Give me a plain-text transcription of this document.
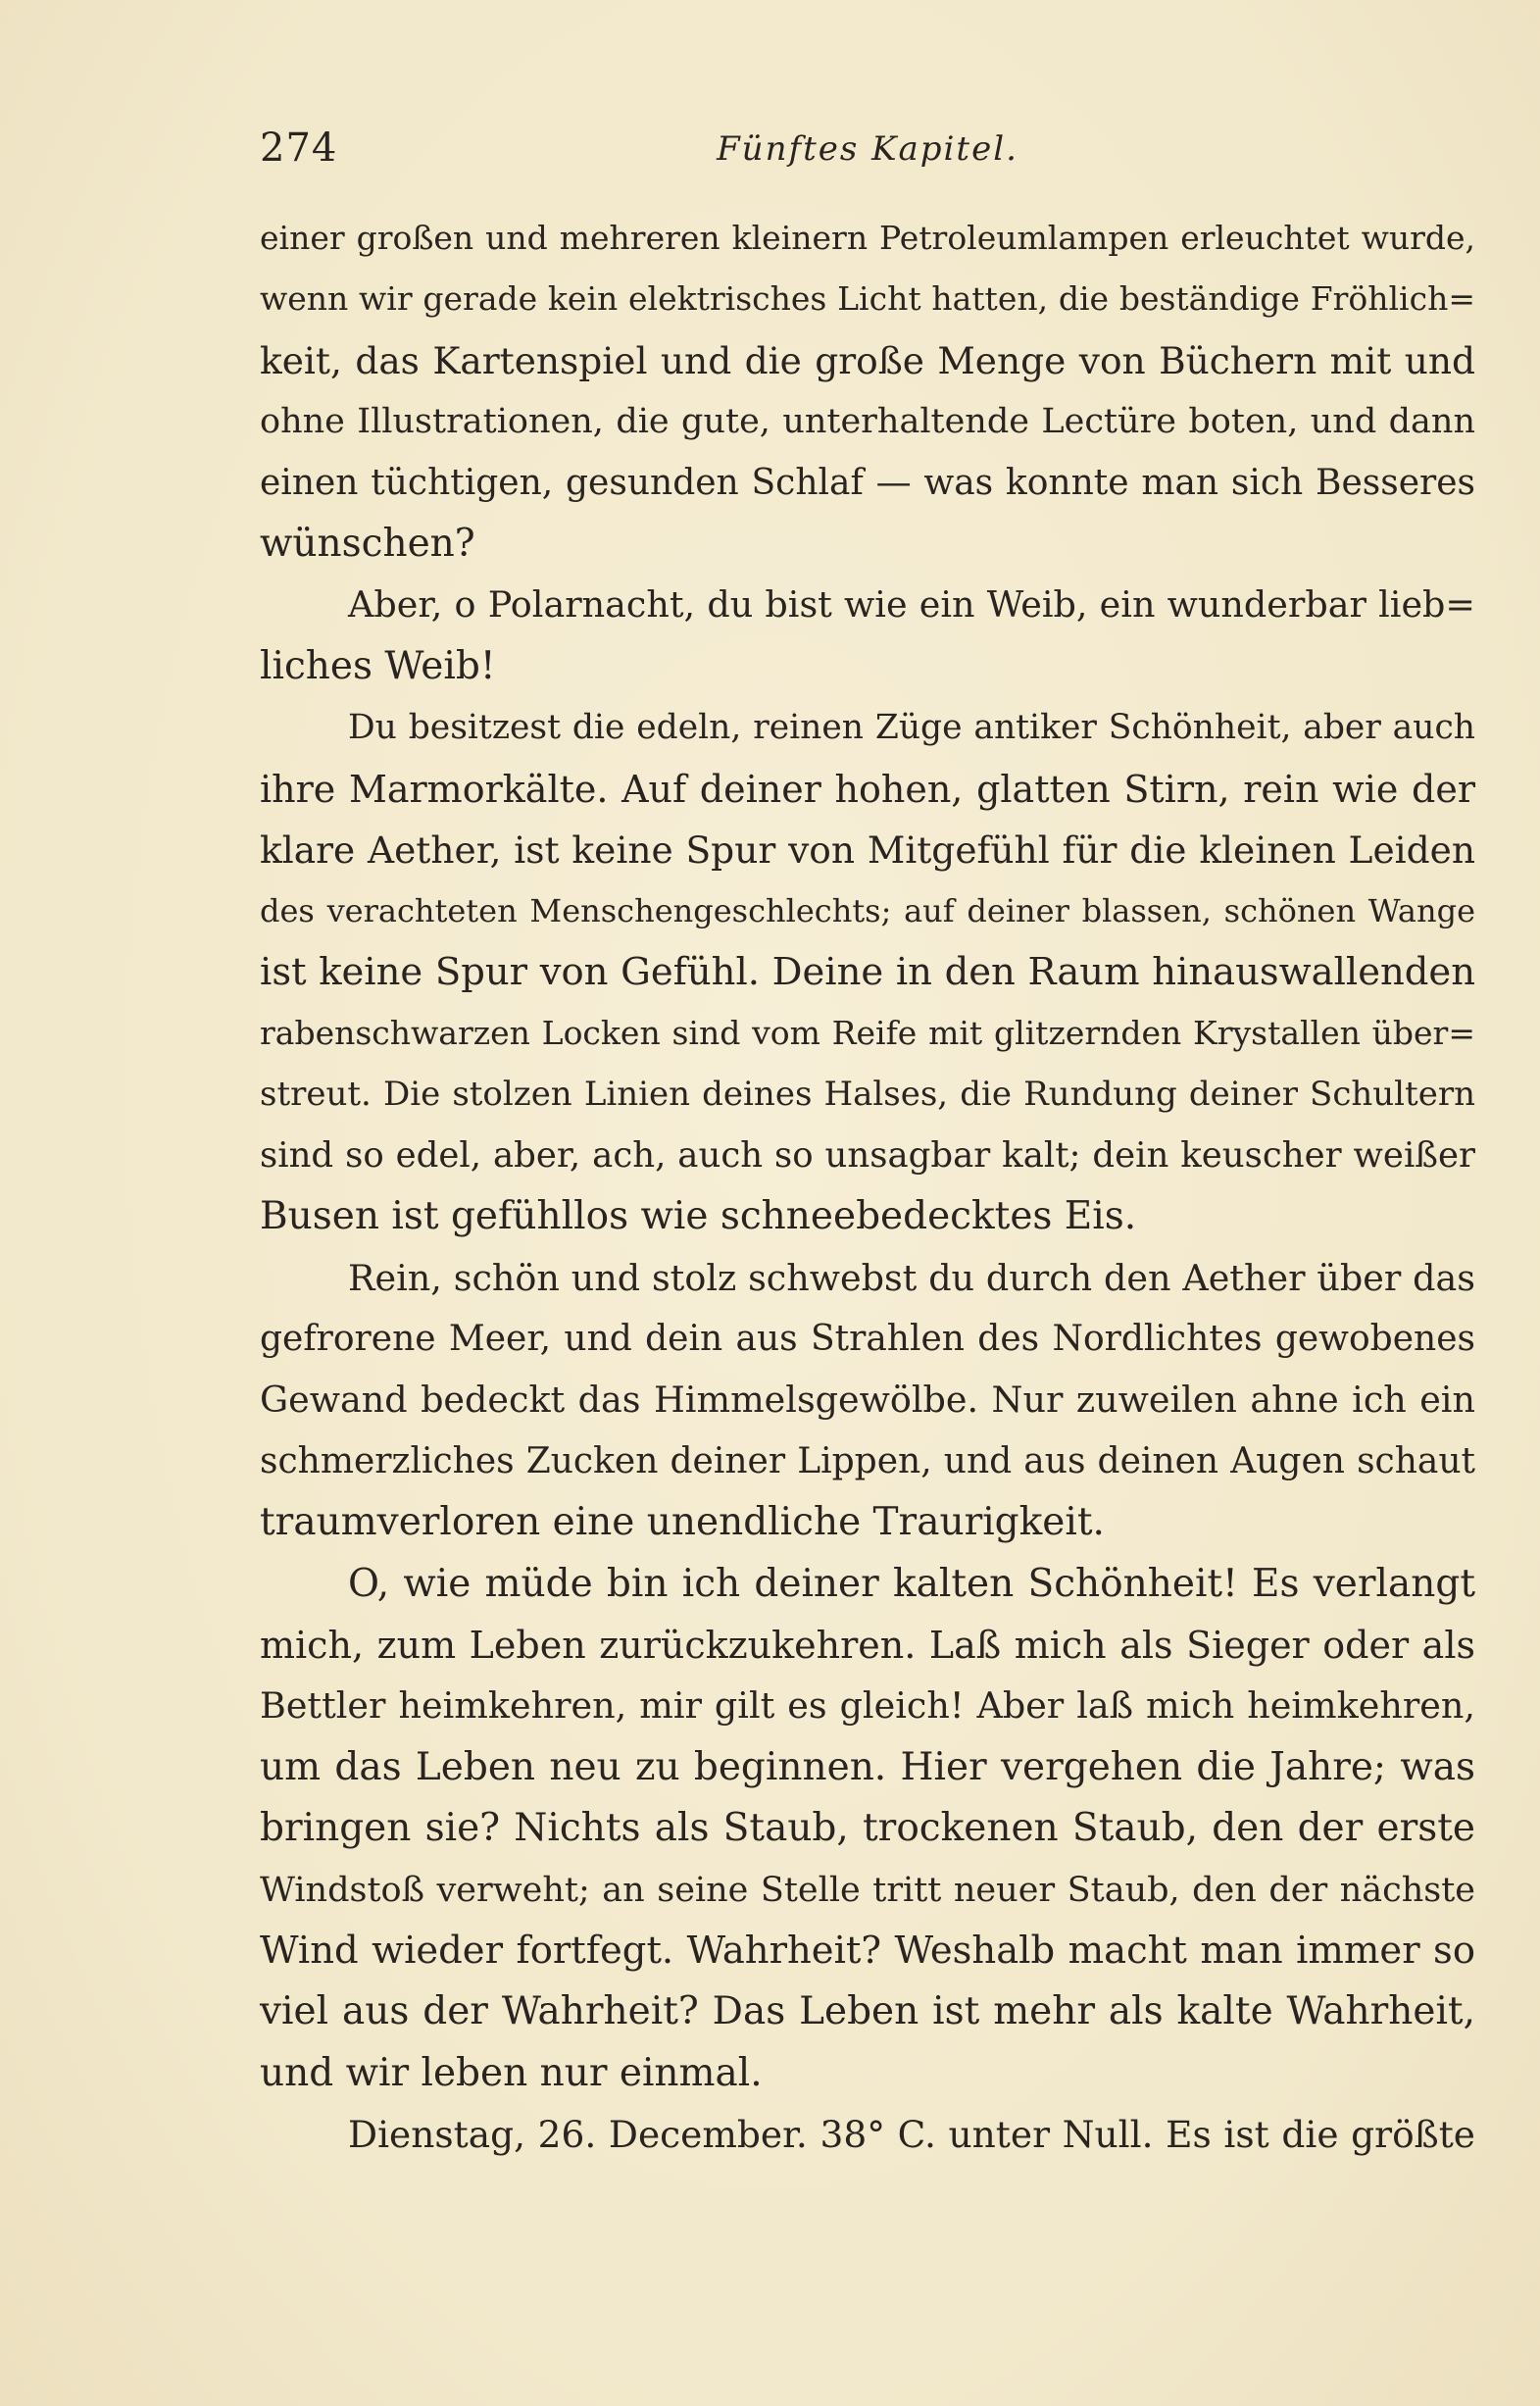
274	Fünftes Kapitel.
einer großen und mehreren kleinern Petroleumlampen erleuchtet wurde,
wenn wir gerade kein elektrisches Licht hatten, die beständige Fröhlich=
keit, das Kartenspiel und die große Menge von Büchern mit und
ohne Illustrationen, die gute, unterhaltende Lectüre boten, und dann
einen tüchtigen, gesunden Schlaf — was konnte man sich Besseres
wünschen?
Aber, o Polarnacht, du bist wie ein Weib, ein wunderbar lieb=
liches Weib!
Du besitzest die edeln, reinen Züge antiker Schönheit, aber auch
ihre Marmorkälte. Auf deiner hohen, glatten Stirn, rein wie der
klare Aether, ist keine Spur von Mitgefühl für die kleinen Leiden
des verachteten Menschengeschlechts; auf deiner blassen, schönen Wange
ist keine Spur von Gefühl. Deine in den Raum hinauswallenden
rabenschwarzen Locken sind vom Reife mit glitzernden Krystallen über=
streut. Die stolzen Linien deines Halses, die Rundung deiner Schultern
sind so edel, aber, ach, auch so unsagbar kalt; dein keuscher weißer
Busen ist gefühllos wie schneebedecktes Eis.
Rein, schön und stolz schwebst du durch den Aether über das
gefrorene Meer, und dein aus Strahlen des Nordlichtes gewobenes
Gewand bedeckt das Himmelsgewölbe. Nur zuweilen ahne ich ein
schmerzliches Zucken deiner Lippen, und aus deinen Augen schaut
traumverloren eine unendliche Traurigkeit.
O, wie müde bin ich deiner kalten Schönheit! Es verlangt
mich, zum Leben zurückzukehren. Laß mich als Sieger oder als
Bettler heimkehren, mir gilt es gleich! Aber laß mich heimkehren,
um das Leben neu zu beginnen. Hier vergehen die Jahre; was
bringen sie? Nichts als Staub, trockenen Staub, den der erste
Windstoß verweht; an seine Stelle tritt neuer Staub, den der nächste
Wind wieder fortfegt. Wahrheit? Weshalb macht man immer so
viel aus der Wahrheit? Das Leben ist mehr als kalte Wahrheit,
und wir leben nur einmal.
Dienstag, 26. December. 38° C. unter Null. Es ist die größte
